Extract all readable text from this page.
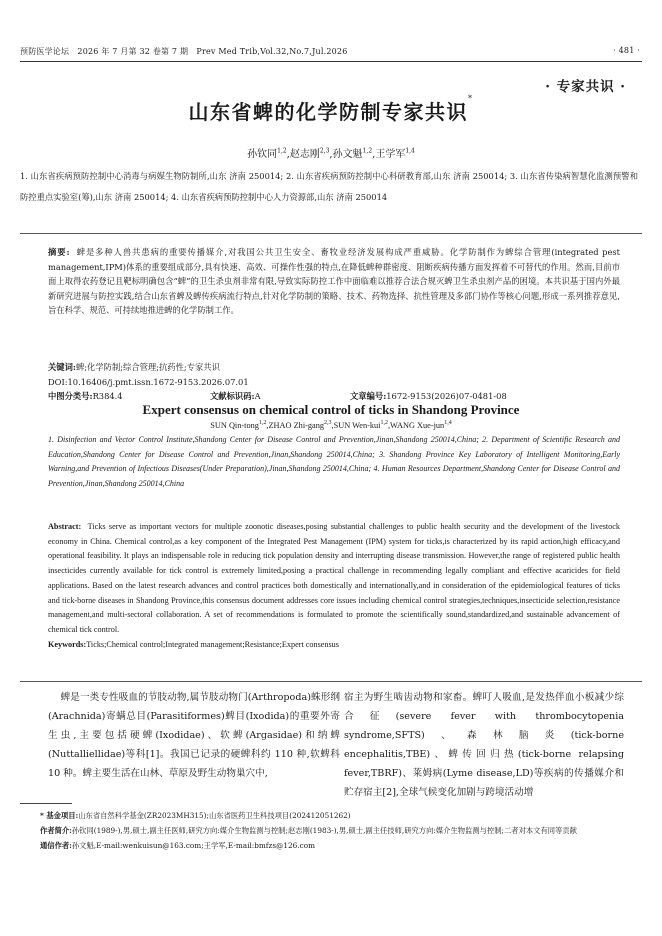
预防医学论坛   2026 年 7 月第 32 卷第 7 期   Prev Med Trib,Vol.32,No.7,Jul.2026	· 481 ·
· 专家共识 ·
山东省蜱的化学防制专家共识*
孙钦同$^{1,2}$,赵志刚$^{2,3}$,孙文魁$^{1,2}$,王学军$^{1,4}$
1. 山东省疾病预防控制中心消毒与病媒生物防制所,山东 济南 250014; 2. 山东省疾病预防控制中心科研教育部,山东 济南 250014; 3. 山东省传染病智慧化监测预警和防控重点实验室(筹),山东 济南 250014; 4. 山东省疾病预防控制中心人力资源部,山东 济南 250014
摘要:  蜱是多种人兽共患病的重要传播媒介,对我国公共卫生安全、畜牧业经济发展构成严重威胁。化学防制作为蜱综合管理(integrated pest management,IPM)体系的重要组成部分,具有快速、高效、可操作性强的特点,在降低蜱种群密度、阻断疾病传播方面发挥着不可替代的作用。然而,目前市面上取得农药登记且靶标明确包含“蜱”的卫生杀虫剂非常有限,导致实际防控工作中面临难以推荐合法合规灭蜱卫生杀虫剂产品的困境。本共识基于国内外最新研究进展与防控实践,结合山东省蜱及蜱传疾病流行特点,针对化学防制的策略、技术、药物选择、抗性管理及多部门协作等核心问题,形成一系列推荐意见,旨在科学、规范、可持续地推进蜱的化学防制工作。
关键词: 蜱;化学防制;综合管理;抗药性;专家共识
DOI:10.16406/j.pmt.issn.1672-9153.2026.07.01
中图分类号:R384.4	文献标识码:A	文章编号:1672-9153(2026)07-0481-08
Expert consensus on chemical control of ticks in Shandong Province
SUN Qin-tong$^{1,2}$,ZHAO Zhi-gang$^{2,3}$,SUN Wen-kui$^{1,2}$,WANG Xue-jun$^{1,4}$
1. Disinfection and Vector Control Institute,Shandong Center for Disease Control and Prevention,Jinan,Shandong 250014,China; 2. Department of Scientific Research and Education,Shandong Center for Disease Control and Prevention,Jinan,Shandong 250014,China; 3. Shandong Province Key Laboratory of Intelligent Monitoring,Early Warning,and Prevention of Infectious Diseases(Under Preparation),Jinan,Shandong 250014,China; 4. Human Resources Department,Shandong Center for Disease Control and Prevention,Jinan,Shandong 250014,China
Abstract:  Ticks serve as important vectors for multiple zoonotic diseases,posing substantial challenges to public health security and the development of the livestock economy in China. Chemical control,as a key component of the Integrated Pest Management (IPM) system for ticks,is characterized by its rapid action,high efficacy,and operational feasibility. It plays an indispensable role in reducing tick population density and interrupting disease transmission. However,the range of registered public health insecticides currently available for tick control is extremely limited,posing a practical challenge in recommending legally compliant and effective acaricides for field applications. Based on the latest research advances and control practices both domestically and internationally,and in consideration of the epidemiological features of ticks and tick-borne diseases in Shandong Province,this consensus document addresses core issues including chemical control strategies,techniques,insecticide selection,resistance management,and multi-sectoral collaboration. A set of recommendations is formulated to promote the scientifically sound,standardized,and sustainable advancement of chemical tick control.
Keywords:Ticks;Chemical control;Integrated management;Resistance;Expert consensus
蜱是一类专性吸血的节肢动物,属节肢动物门(Arthropoda)蛛形纲(Arachnida)寄螨总目(Parasitiformes)蜱目(Ixodida)的重要外寄生虫,主要包括硬蜱(Ixodidae)、软蜱(Argasidae)和纳蜱(Nuttalliellidae)等科[1]。我国已记录的硬蜱科约 110 种,软蜱科 10 种。蜱主要生活在山林、草原及野生动物巢穴中,
宿主为野生啮齿动物和家畜。蜱叮人吸血,是发热伴血小板减少综合征(severe fever with thrombocytopenia syndrome,SFTS)、森林脑炎(tick-borne encephalitis,TBE)、蜱传回归热(tick-borne relapsing fever,TBRF)、莱姆病(Lyme disease,LD)等疾病的传播媒介和贮存宿主[2],全球气候变化加剧与跨境活动增
* 基金项目:山东省自然科学基金(ZR2023MH315);山东省医药卫生科技项目(202412051262)
作者简介:孙钦同(1989-),男,硕士,副主任医师,研究方向:媒介生物监测与控制;赵志刚(1983-),男,硕士,副主任技师,研究方向:媒介生物监测与控制;二者对本文有同等贡献
通信作者:孙文魁,E-mail:wenkuisun@163.com;王学军,E-mail:bmfzs@126.com
